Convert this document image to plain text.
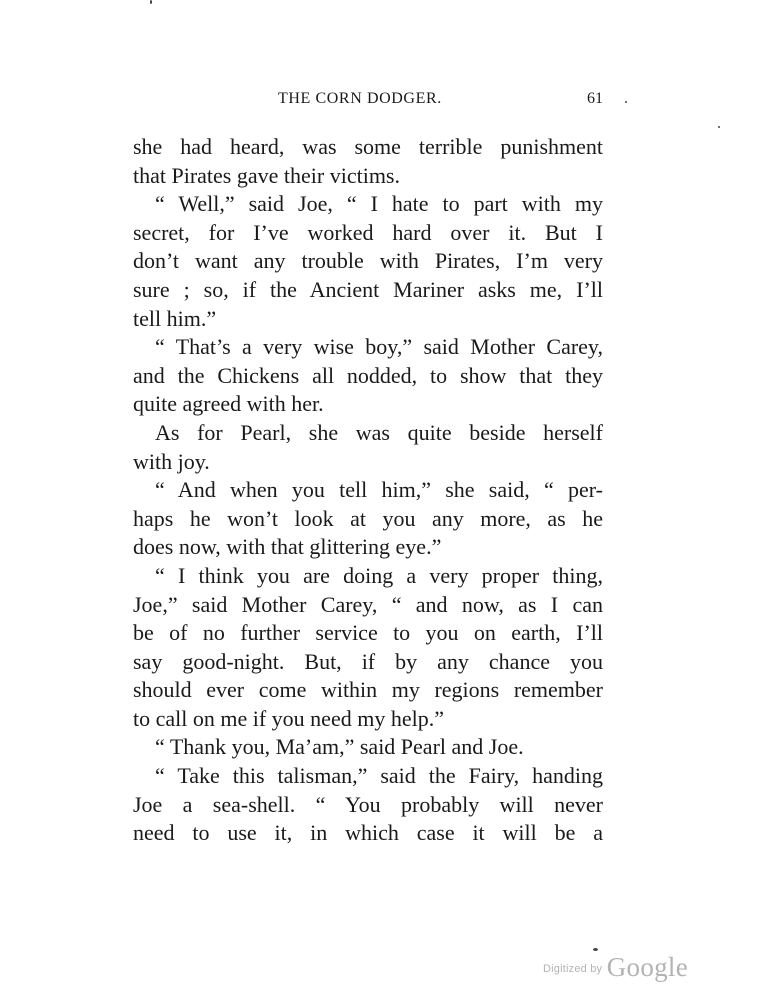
THE CORN DODGER.	61
she had heard, was some terrible punishment
that Pirates gave their victims.
“ Well,” said Joe, “ I hate to part with my
secret, for I’ve worked hard over it. But I
don’t want any trouble with Pirates, I’m very
sure ; so, if the Ancient Mariner asks me, I’ll
tell him.”
“ That’s a very wise boy,” said Mother Carey,
and the Chickens all nodded, to show that they
quite agreed with her.
As for Pearl, she was quite beside herself
with joy.
“ And when you tell him,” she said, “ per-
haps he won’t look at you any more, as he
does now, with that glittering eye.”
“ I think you are doing a very proper thing,
Joe,” said Mother Carey, “ and now, as I can
be of no further service to you on earth, I’ll
say good-night. But, if by any chance you
should ever come within my regions remember
to call on me if you need my help.”
“ Thank you, Ma’am,” said Pearl and Joe.
“ Take this talisman,” said the Fairy, handing
Joe a sea-shell. “ You probably will never
need to use it, in which case it will be a
$^{Digitized by}$ Google
